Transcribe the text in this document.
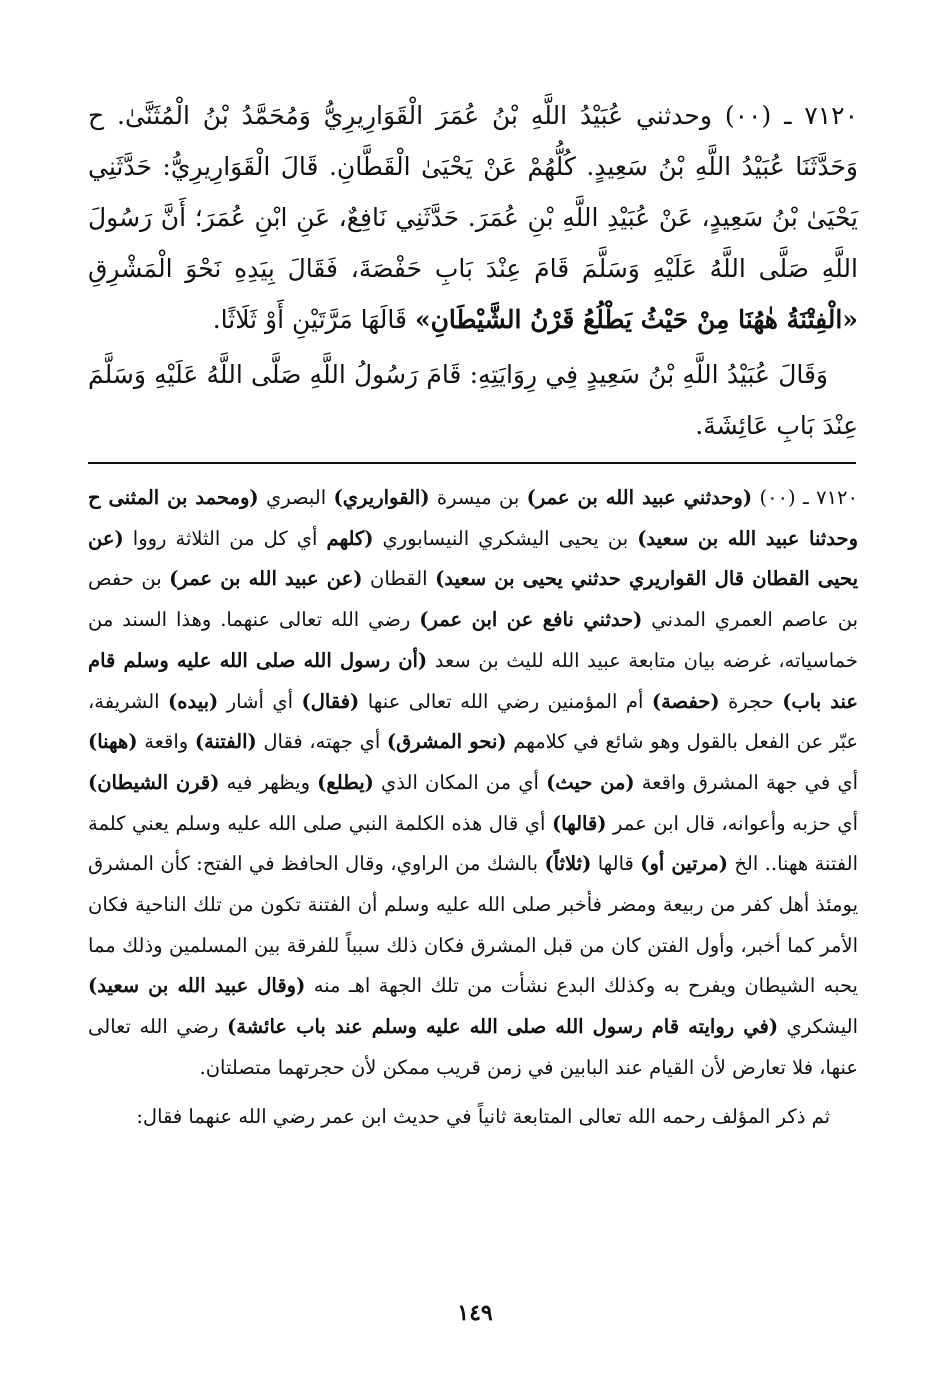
٧١٢٠ ـ (٠٠) وحدثني عُبَيْدُ اللَّهِ بْنُ عُمَرَ الْقَوَارِيرِيُّ وَمُحَمَّدُ بْنُ الْمُثَنَّىٰ. ح وَحَدَّثَنَا عُبَيْدُ اللَّهِ بْنُ سَعِيدٍ. كُلُّهُمْ عَنْ يَحْيَىٰ الْقَطَّانِ. قَالَ الْقَوَارِيرِيُّ: حَدَّثَنِي يَحْيَىٰ بْنُ سَعِيدٍ، عَنْ عُبَيْدِ اللَّهِ بْنِ عُمَرَ. حَدَّثَنِي نَافِعٌ، عَنِ ابْنِ عُمَرَ؛ أَنَّ رَسُولَ اللَّهِ صَلَّى اللَّهُ عَلَيْهِ وَسَلَّمَ قَامَ عِنْدَ بَابِ حَفْصَةَ، فَقَالَ بِيَدِهِ نَحْوَ الْمَشْرِقِ «الْفِتْنَةُ هٰهُنَا مِنْ حَيْثُ يَطْلُعُ قَرْنُ الشَّيْطَانِ» قَالَهَا مَرَّتَيْنِ أَوْ ثَلَاثًا.

وَقَالَ عُبَيْدُ اللَّهِ بْنُ سَعِيدٍ فِي رِوَايَتِهِ: قَامَ رَسُولُ اللَّهِ صَلَّى اللَّهُ عَلَيْهِ وَسَلَّمَ عِنْدَ بَابِ عَائِشَةَ.

٧١٢٠ ـ (٠٠) (وحدثني عبيد الله بن عمر) بن ميسرة (القواريري) البصري (ومحمد بن المثنى ح وحدثنا عبيد الله بن سعيد) بن يحيى اليشكري النيسابوري (كلهم أي كل من الثلاثة رووا (عن يحيى القطان قال القواريري حدثني يحيى بن سعيد) القطان (عن عبيد الله بن عمر) بن حفص بن عاصم العمري المدني (حدثني نافع عن ابن عمر) رضي الله تعالى عنهما. وهذا السند من خماسياته، غرضه بيان متابعة عبيد الله لليث بن سعد (أن رسول الله صلى الله عليه وسلم قام عند باب) حجرة (حفصة) أم المؤمنين رضي الله تعالى عنها (فقال) أي أشار (بيده) الشريفة، عبّر عن الفعل بالقول وهو شائع في كلامهم (نحو المشرق) أي جهته، فقال (الفتنة) واقعة (ههنا) أي في جهة المشرق واقعة (من حيث) أي من المكان الذي (يطلع) ويظهر فيه (قرن الشيطان) أي حزبه وأعوانه، قال ابن عمر (قالها) أي قال هذه الكلمة النبي صلى الله عليه وسلم يعني كلمة الفتنة ههنا.. الخ (مرتين أو) قالها (ثلاثاً) بالشك من الراوي، وقال الحافظ في الفتح: كأن المشرق يومئذ أهل كفر من ربيعة ومضر فأخبر صلى الله عليه وسلم أن الفتنة تكون من تلك الناحية فكان الأمر كما أخبر، وأول الفتن كان من قبل المشرق فكان ذلك سبباً للفرقة بين المسلمين وذلك مما يحبه الشيطان ويفرح به وكذلك البدع نشأت من تلك الجهة اهـ منه (وقال عبيد الله بن سعيد) اليشكري (في روايته قام رسول الله صلى الله عليه وسلم عند باب عائشة) رضي الله تعالى عنها، فلا تعارض لأن القيام عند البابين في زمن قريب ممكن لأن حجرتهما متصلتان.

ثم ذكر المؤلف رحمه الله تعالى المتابعة ثانياً في حديث ابن عمر رضي الله عنهما فقال:

١٤٩
